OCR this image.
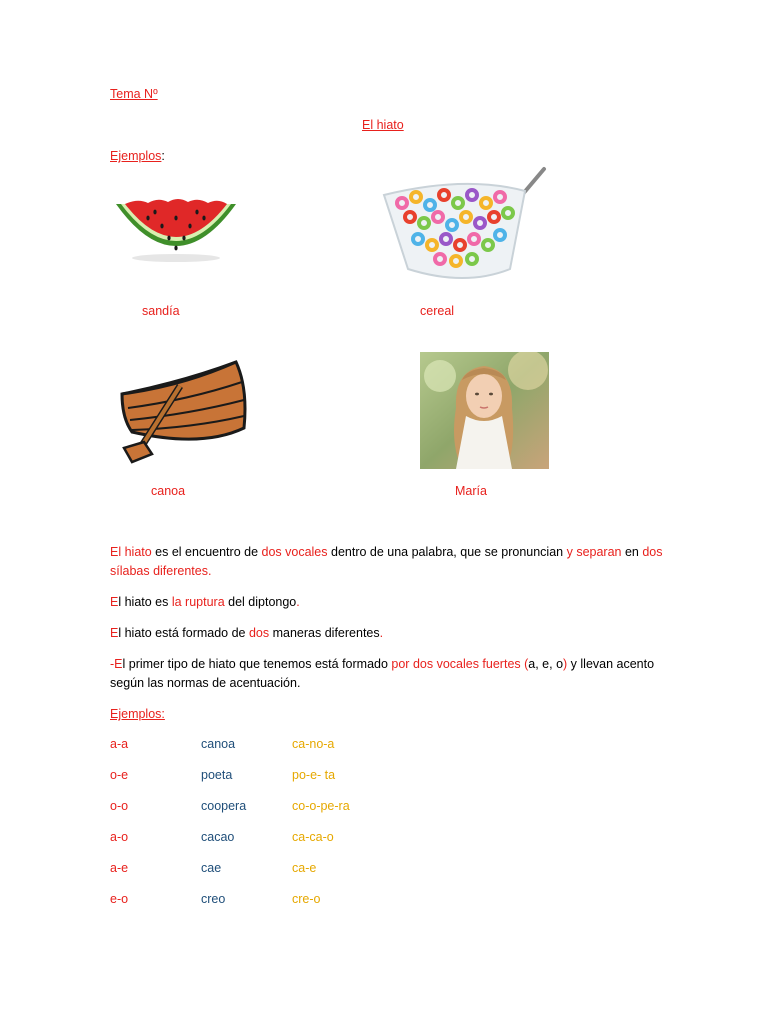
Tema Nº
El hiato
Ejemplos:
sandía	cereal
canoa	María
El hiato es el encuentro de dos vocales dentro de una palabra, que se pronuncian y separan en dos sílabas diferentes.
El hiato es la ruptura del diptongo.
El hiato está formado de dos maneras diferentes.
-El primer tipo de hiato que tenemos está formado por dos vocales fuertes (a, e, o) y llevan acento según las normas de acentuación.
Ejemplos:
a-a	canoa	ca-no-a
o-e	poeta	po-e- ta
o-o	coopera	co-o-pe-ra
a-o	cacao	ca-ca-o
a-e	cae	ca-e
e-o	creo	cre-o
